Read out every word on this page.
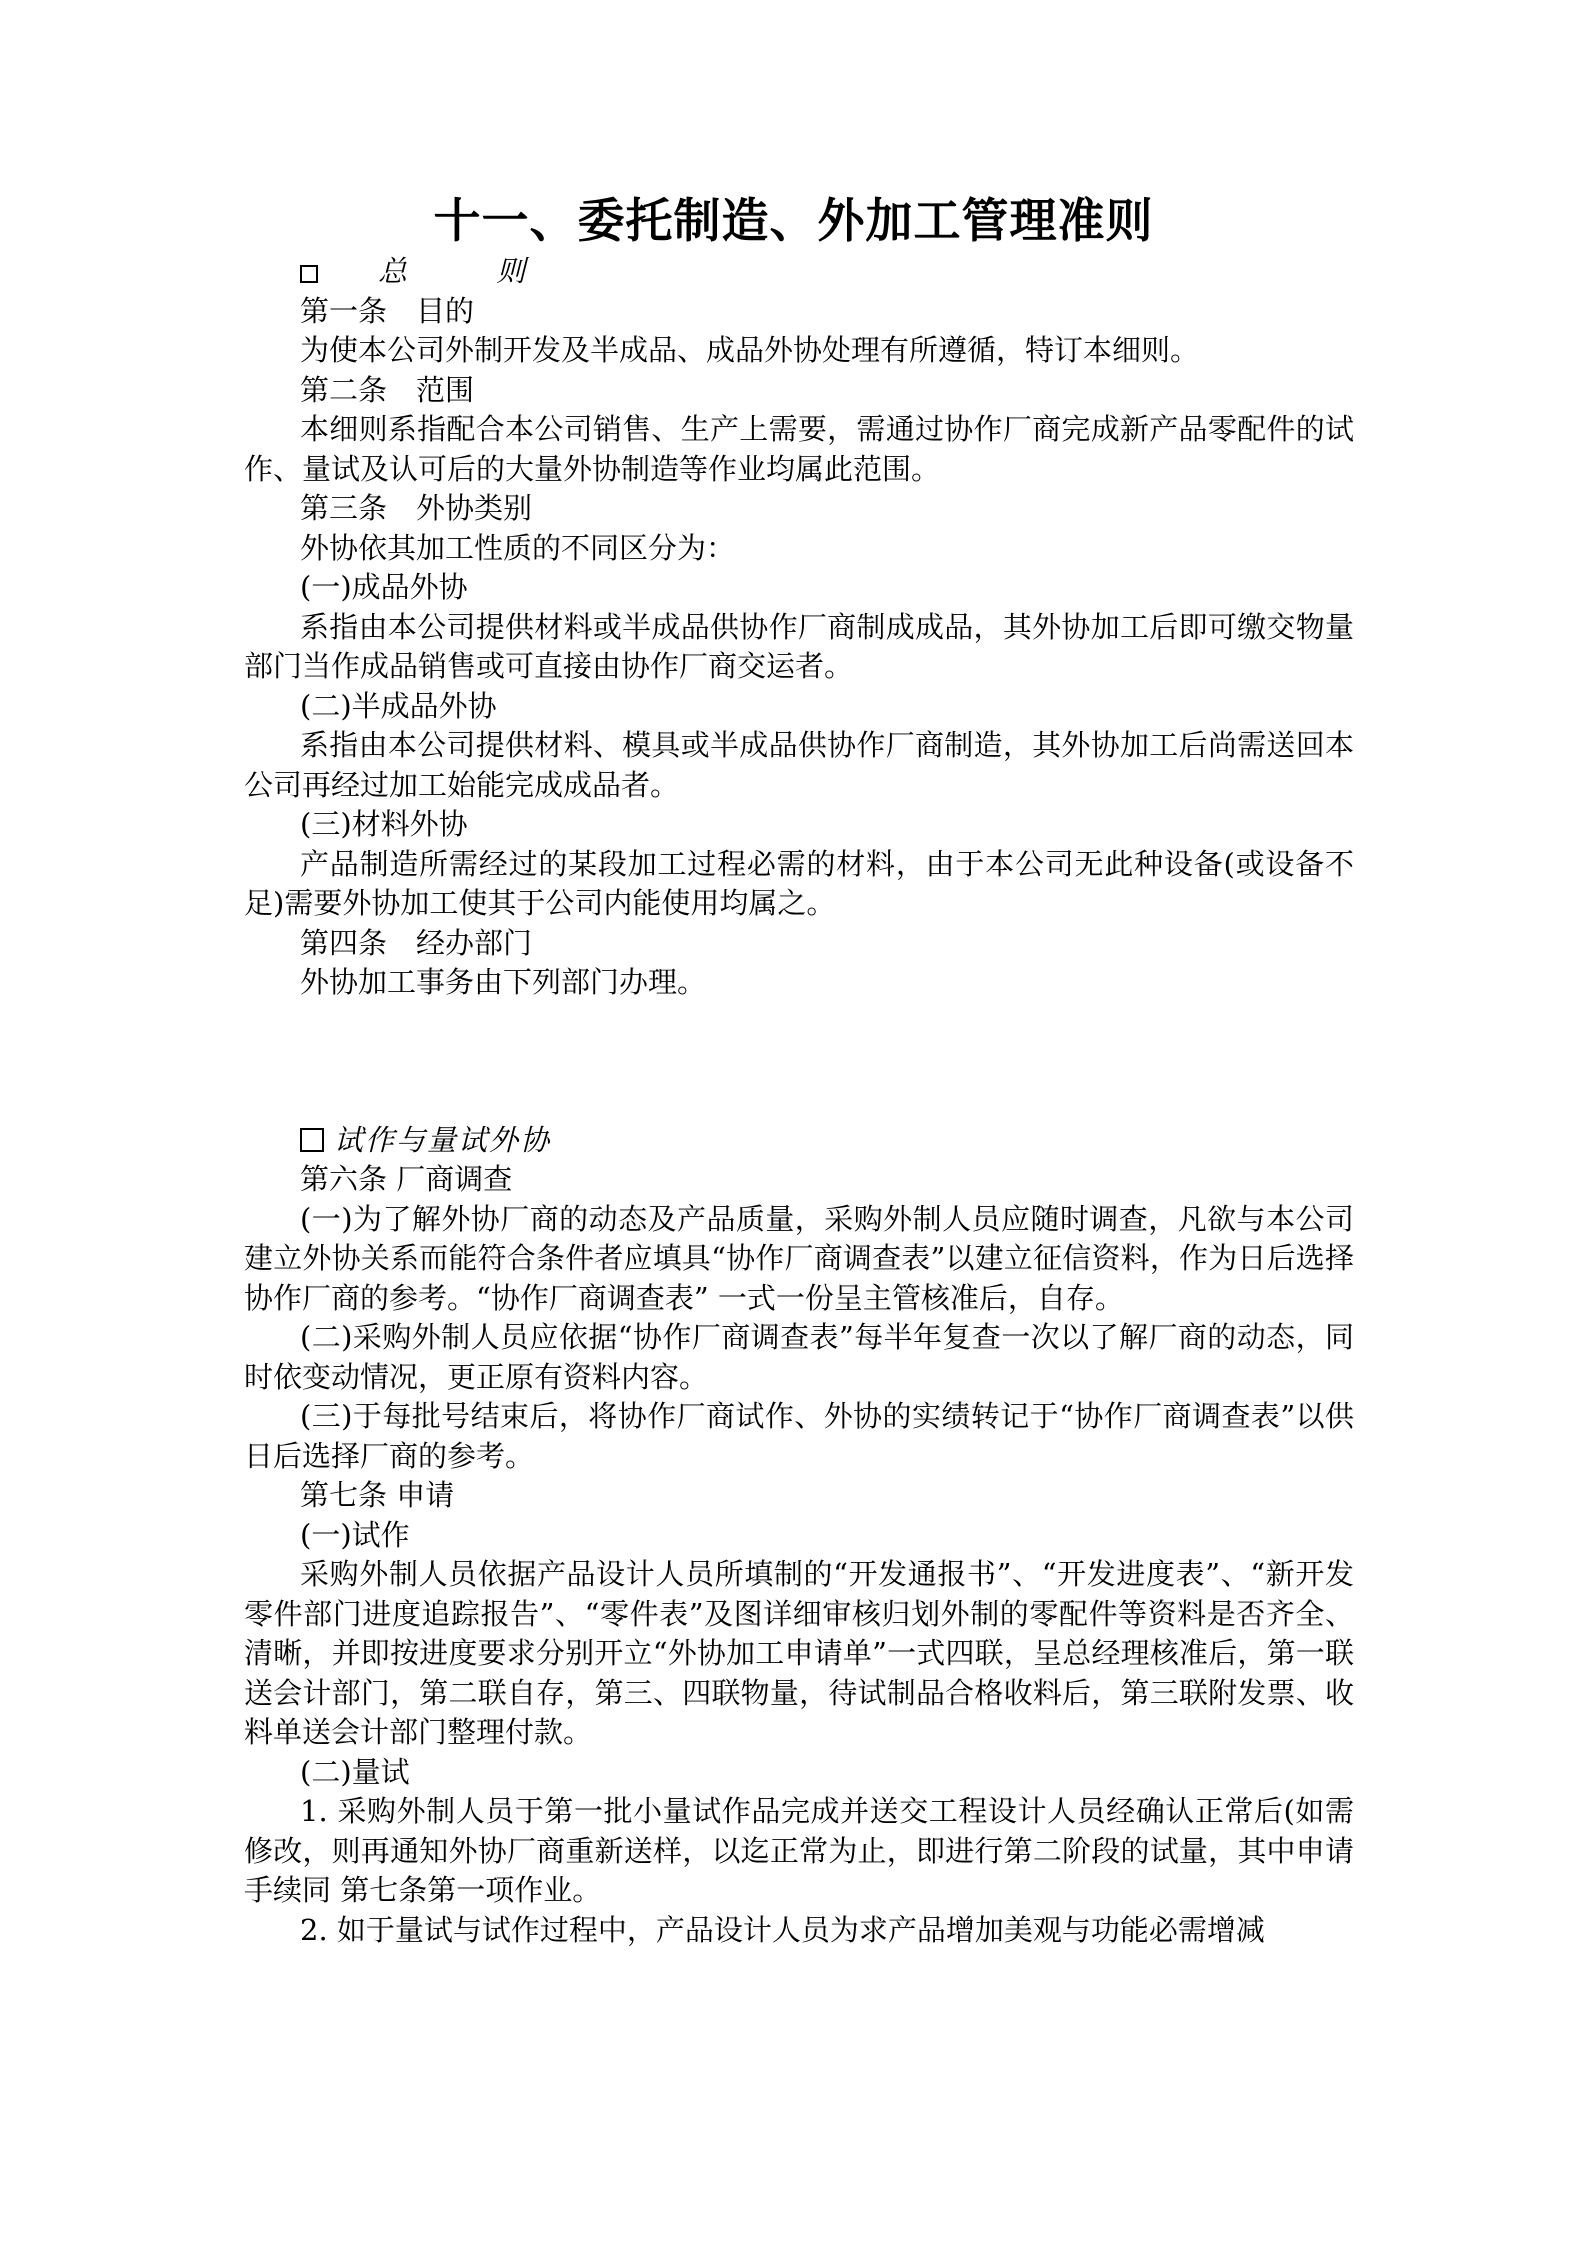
十一、委托制造、外加工管理准则

总 则

第一条　目的

为使本公司外制开发及半成品、成品外协处理有所遵循，特订本细则。

第二条　范围

本细则系指配合本公司销售、生产上需要，需通过协作厂商完成新产品零配件的试作、量试及认可后的大量外协制造等作业均属此范围。

第三条　外协类别

外协依其加工性质的不同区分为：

(一)成品外协

系指由本公司提供材料或半成品供协作厂商制成成品，其外协加工后即可缴交物量部门当作成品销售或可直接由协作厂商交运者。

(二)半成品外协

系指由本公司提供材料、模具或半成品供协作厂商制造，其外协加工后尚需送回本公司再经过加工始能完成成品者。

(三)材料外协

产品制造所需经过的某段加工过程必需的材料，由于本公司无此种设备(或设备不足)需要外协加工使其于公司内能使用均属之。

第四条　经办部门

外协加工事务由下列部门办理。

试作与量试外协

第六条 厂商调查

(一)为了解外协厂商的动态及产品质量，采购外制人员应随时调查，凡欲与本公司建立外协关系而能符合条件者应填具“协作厂商调查表”以建立征信资料，作为日后选择协作厂商的参考。“协作厂商调查表” 一式一份呈主管核准后，自存。

(二)采购外制人员应依据“协作厂商调查表”每半年复查一次以了解厂商的动态，同时依变动情况，更正原有资料内容。

(三)于每批号结束后，将协作厂商试作、外协的实绩转记于“协作厂商调查表”以供日后选择厂商的参考。

第七条 申请

(一)试作

采购外制人员依据产品设计人员所填制的“开发通报书”、“开发进度表”、“新开发零件部门进度追踪报告”、“零件表”及图详细审核归划外制的零配件等资料是否齐全、清晰，并即按进度要求分别开立“外协加工申请单”一式四联，呈总经理核准后，第一联送会计部门，第二联自存，第三、四联物量，待试制品合格收料后，第三联附发票、收料单送会计部门整理付款。

(二)量试

1. 采购外制人员于第一批小量试作品完成并送交工程设计人员经确认正常后(如需修改，则再通知外协厂商重新送样，以迄正常为止，即进行第二阶段的试量，其中申请手续同 第七条第一项作业。

2. 如于量试与试作过程中，产品设计人员为求产品增加美观与功能必需增减
